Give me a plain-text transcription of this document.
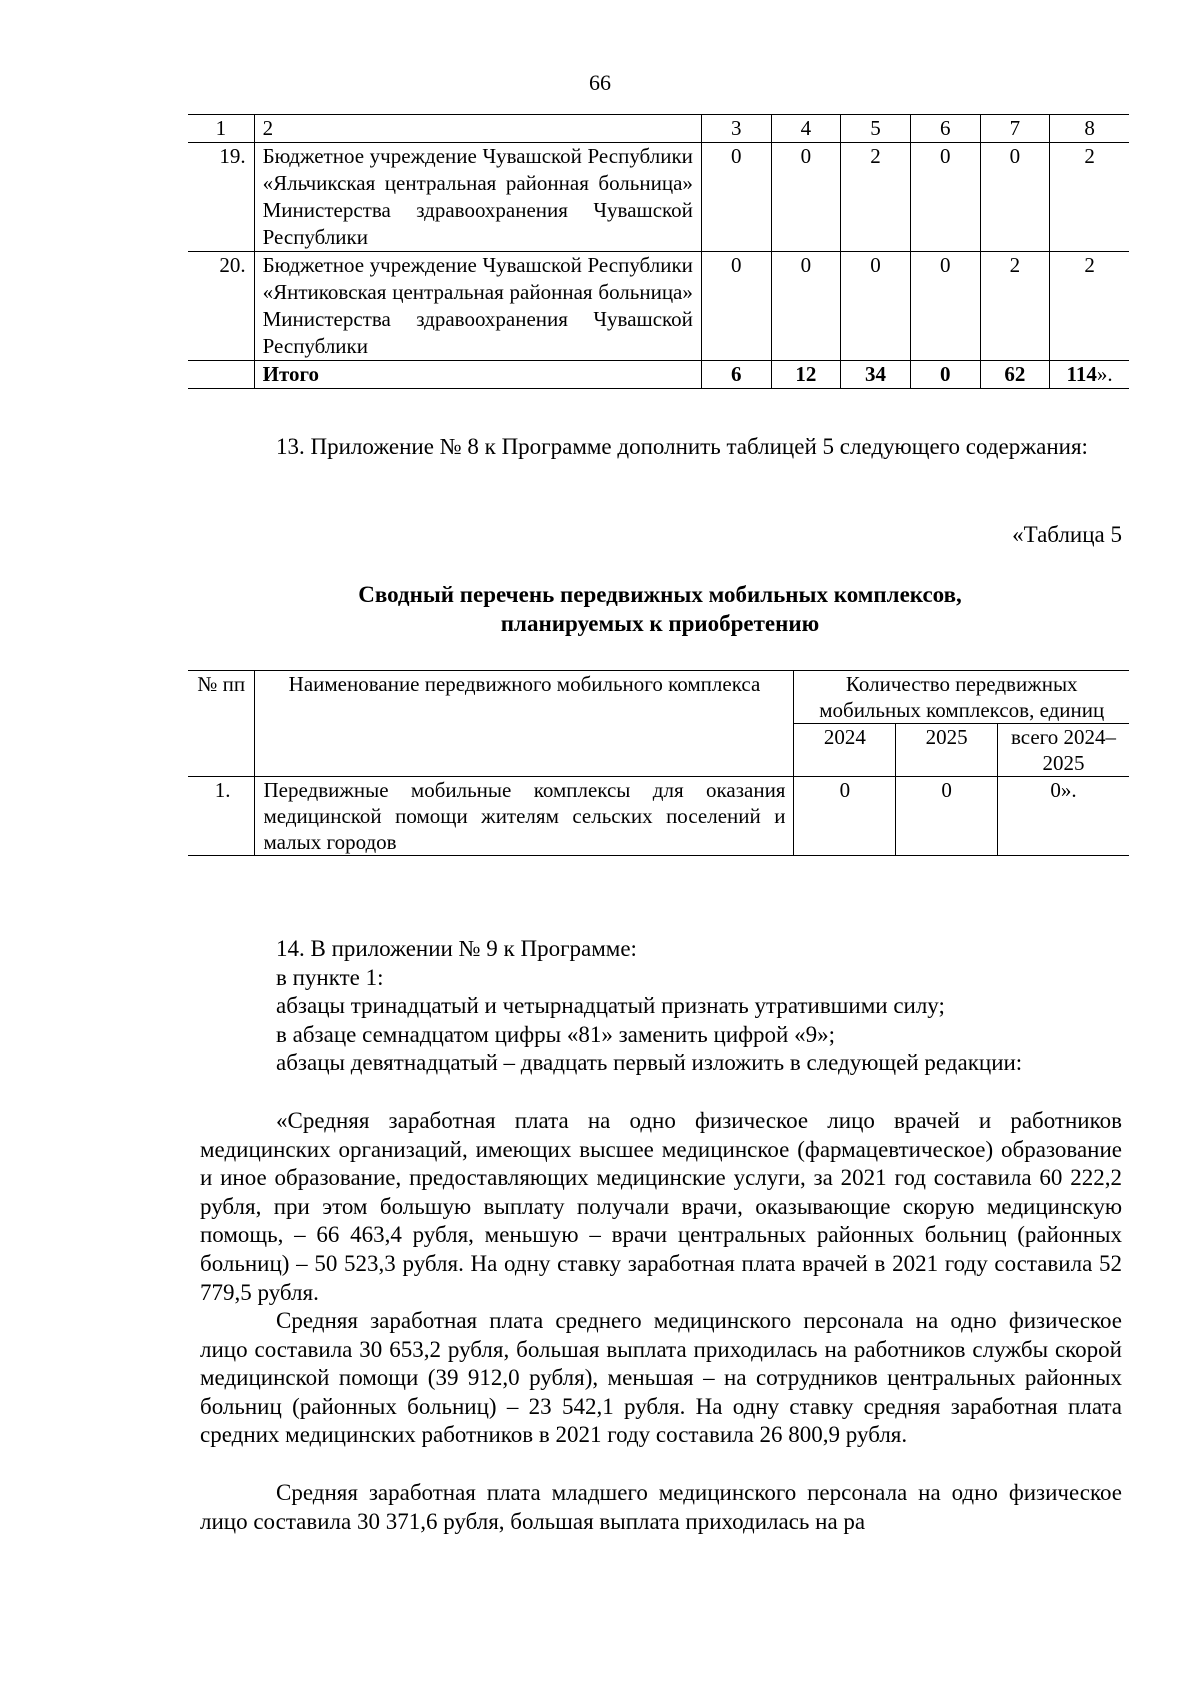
66
1	2	3	4	5	6	7	8
19.	Бюджетное учреждение Чувашской Республики «Яльчикская центральная районная больница» Министерства здравоохранения Чувашской Республики	0	0	2	0	0	2
20.	Бюджетное учреждение Чувашской Республики «Янтиковская центральная районная больница» Министерства здравоохранения Чувашской Республики	0	0	0	0	2	2
	Итого	6	12	34	0	62	114».

13. Приложение № 8 к Программе дополнить таблицей 5 следующего содержания:

«Таблица 5
Сводный перечень передвижных мобильных комплексов,
планируемых к приобретению
№ пп	Наименование передвижного мобильного комплекса	Количество передвижных мобильных комплексов, единиц		
		2024	2025	всего 2024–2025
1.	Передвижные мобильные комплексы для оказания медицинской помощи жителям сельских поселений и малых городов	0	0	0».
14. В приложении № 9 к Программе:
в пункте 1:
абзацы тринадцатый и четырнадцатый признать утратившими силу;
в абзаце семнадцатом цифры «81» заменить цифрой «9»;
абзацы девятнадцатый – двадцать первый изложить в следующей редакции:

«Средняя заработная плата на одно физическое лицо врачей и работников медицинских организаций, имеющих высшее медицинское (фармацевтическое) образование и иное образование, предоставляющих медицинские услуги, за 2021 год составила 60 222,2 рубля, при этом большую выплату получали врачи, оказывающие скорую медицинскую помощь, – 66 463,4 рубля, меньшую – врачи центральных районных больниц (районных больниц) – 50 523,3 рубля. На одну ставку заработная плата врачей в 2021 году составила 52 779,5 рубля.

Средняя заработная плата среднего медицинского персонала на одно физическое лицо составила 30 653,2 рубля, большая выплата приходилась на работников службы скорой медицинской помощи (39 912,0 рубля), меньшая – на сотрудников центральных районных больниц (районных больниц) – 23 542,1 рубля. На одну ставку средняя заработная плата средних медицинских работников в 2021 году составила 26 800,9 рубля.

Средняя заработная плата младшего медицинского персонала на одно физическое лицо составила 30 371,6 рубля, большая выплата приходилась на ра
